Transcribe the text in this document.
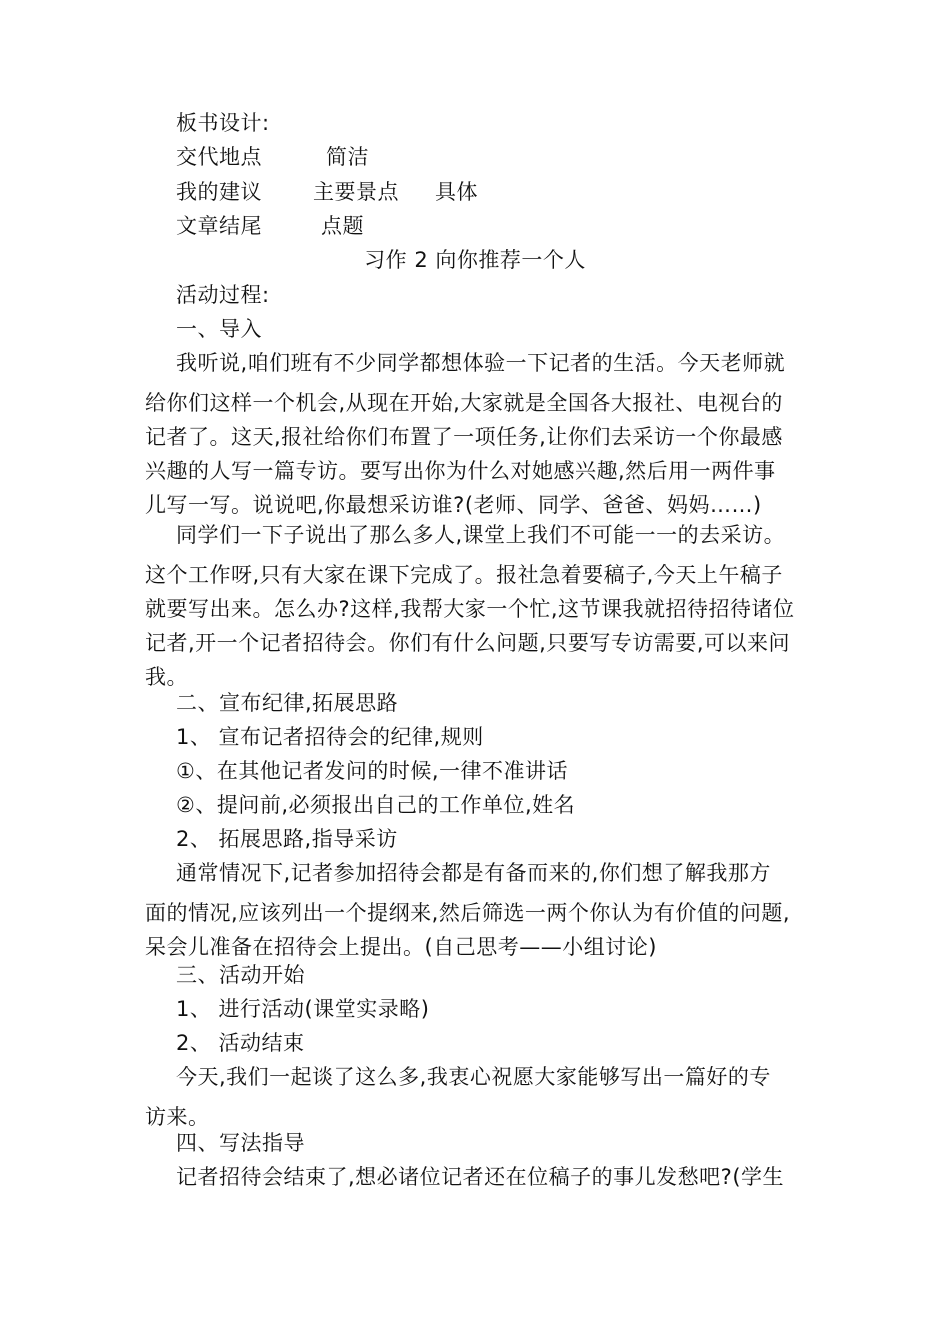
板书设计:
交代地点	简洁
我的建议 主要景点 具体
文章结尾	点题
习作 2 向你推荐一个人
活动过程:
一、导入
我听说,咱们班有不少同学都想体验一下记者的生活。今天老师就
给你们这样一个机会,从现在开始,大家就是全国各大报社、电视台的
记者了。这天,报社给你们布置了一项任务,让你们去采访一个你最感
兴趣的人写一篇专访。要写出你为什么对她感兴趣,然后用一两件事
儿写一写。说说吧,你最想采访谁?(老师、同学、爸爸、妈妈……)
同学们一下子说出了那么多人,课堂上我们不可能一一的去采访。
这个工作呀,只有大家在课下完成了。报社急着要稿子,今天上午稿子
就要写出来。怎么办?这样,我帮大家一个忙,这节课我就招待招待诸位
记者,开一个记者招待会。你们有什么问题,只要写专访需要,可以来问
我。
二、宣布纪律,拓展思路
1、 宣布记者招待会的纪律,规则
①、在其他记者发问的时候,一律不准讲话
②、提问前,必须报出自己的工作单位,姓名
2、 拓展思路,指导采访
通常情况下,记者参加招待会都是有备而来的,你们想了解我那方
面的情况,应该列出一个提纲来,然后筛选一两个你认为有价值的问题,
呆会儿准备在招待会上提出。(自己思考——小组讨论)
三、活动开始
1、 进行活动(课堂实录略)
2、 活动结束
今天,我们一起谈了这么多,我衷心祝愿大家能够写出一篇好的专
访来。
四、写法指导
记者招待会结束了,想必诸位记者还在位稿子的事儿发愁吧?(学生
